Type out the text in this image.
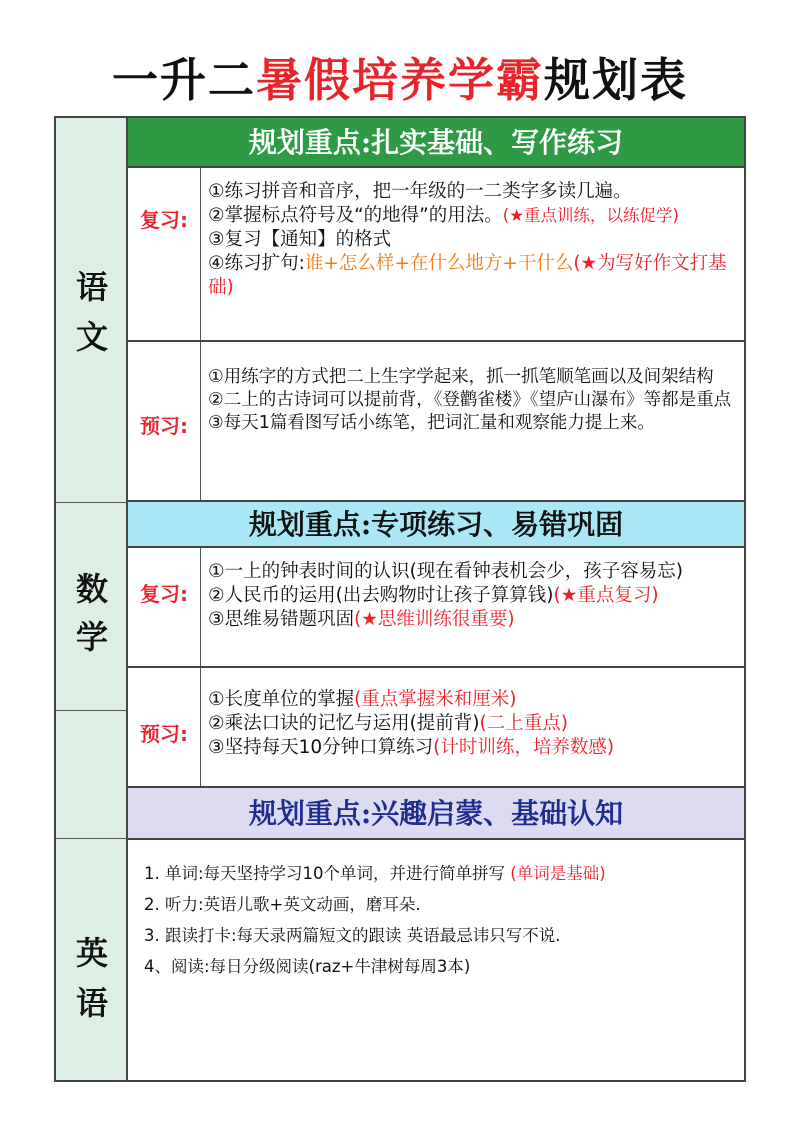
一升二暑假培养学霸规划表
语
文
数
学
英
语
规划重点:扎实基础、写作练习
复习:

①练习拼音和音序，把一年级的一二类字多读几遍。

②掌握标点符号及“的地得”的用法。(★重点训练，以练促学)

③复习【通知】的格式

④练习扩句:谁+怎么样+在什么地方+干什么(★为写好作文打基础)

预习:

①用练字的方式把二上生字学起来，抓一抓笔顺笔画以及间架结构

②二上的古诗词可以提前背，《登鹳雀楼》《望庐山瀑布》等都是重点

③每天1篇看图写话小练笔，把词汇量和观察能力提上来。

规划重点:专项练习、易错巩固
复习:

①一上的钟表时间的认识(现在看钟表机会少，孩子容易忘)

②人民币的运用(出去购物时让孩子算算钱)(★重点复习)

③思维易错题巩固(★思维训练很重要)

预习:

①长度单位的掌握(重点掌握米和厘米)

②乘法口诀的记忆与运用(提前背)(二上重点)

③坚持每天10分钟口算练习(计时训练，培养数感)

规划重点:兴趣启蒙、基础认知

1. 单词:每天坚持学习10个单词，并进行简单拼写 (单词是基础)

2. 听力:英语儿歌+英文动画，磨耳朵.

3. 跟读打卡:每天录两篇短文的跟读 英语最忌讳只写不说.

4、阅读:每日分级阅读(raz+牛津树每周3本)
